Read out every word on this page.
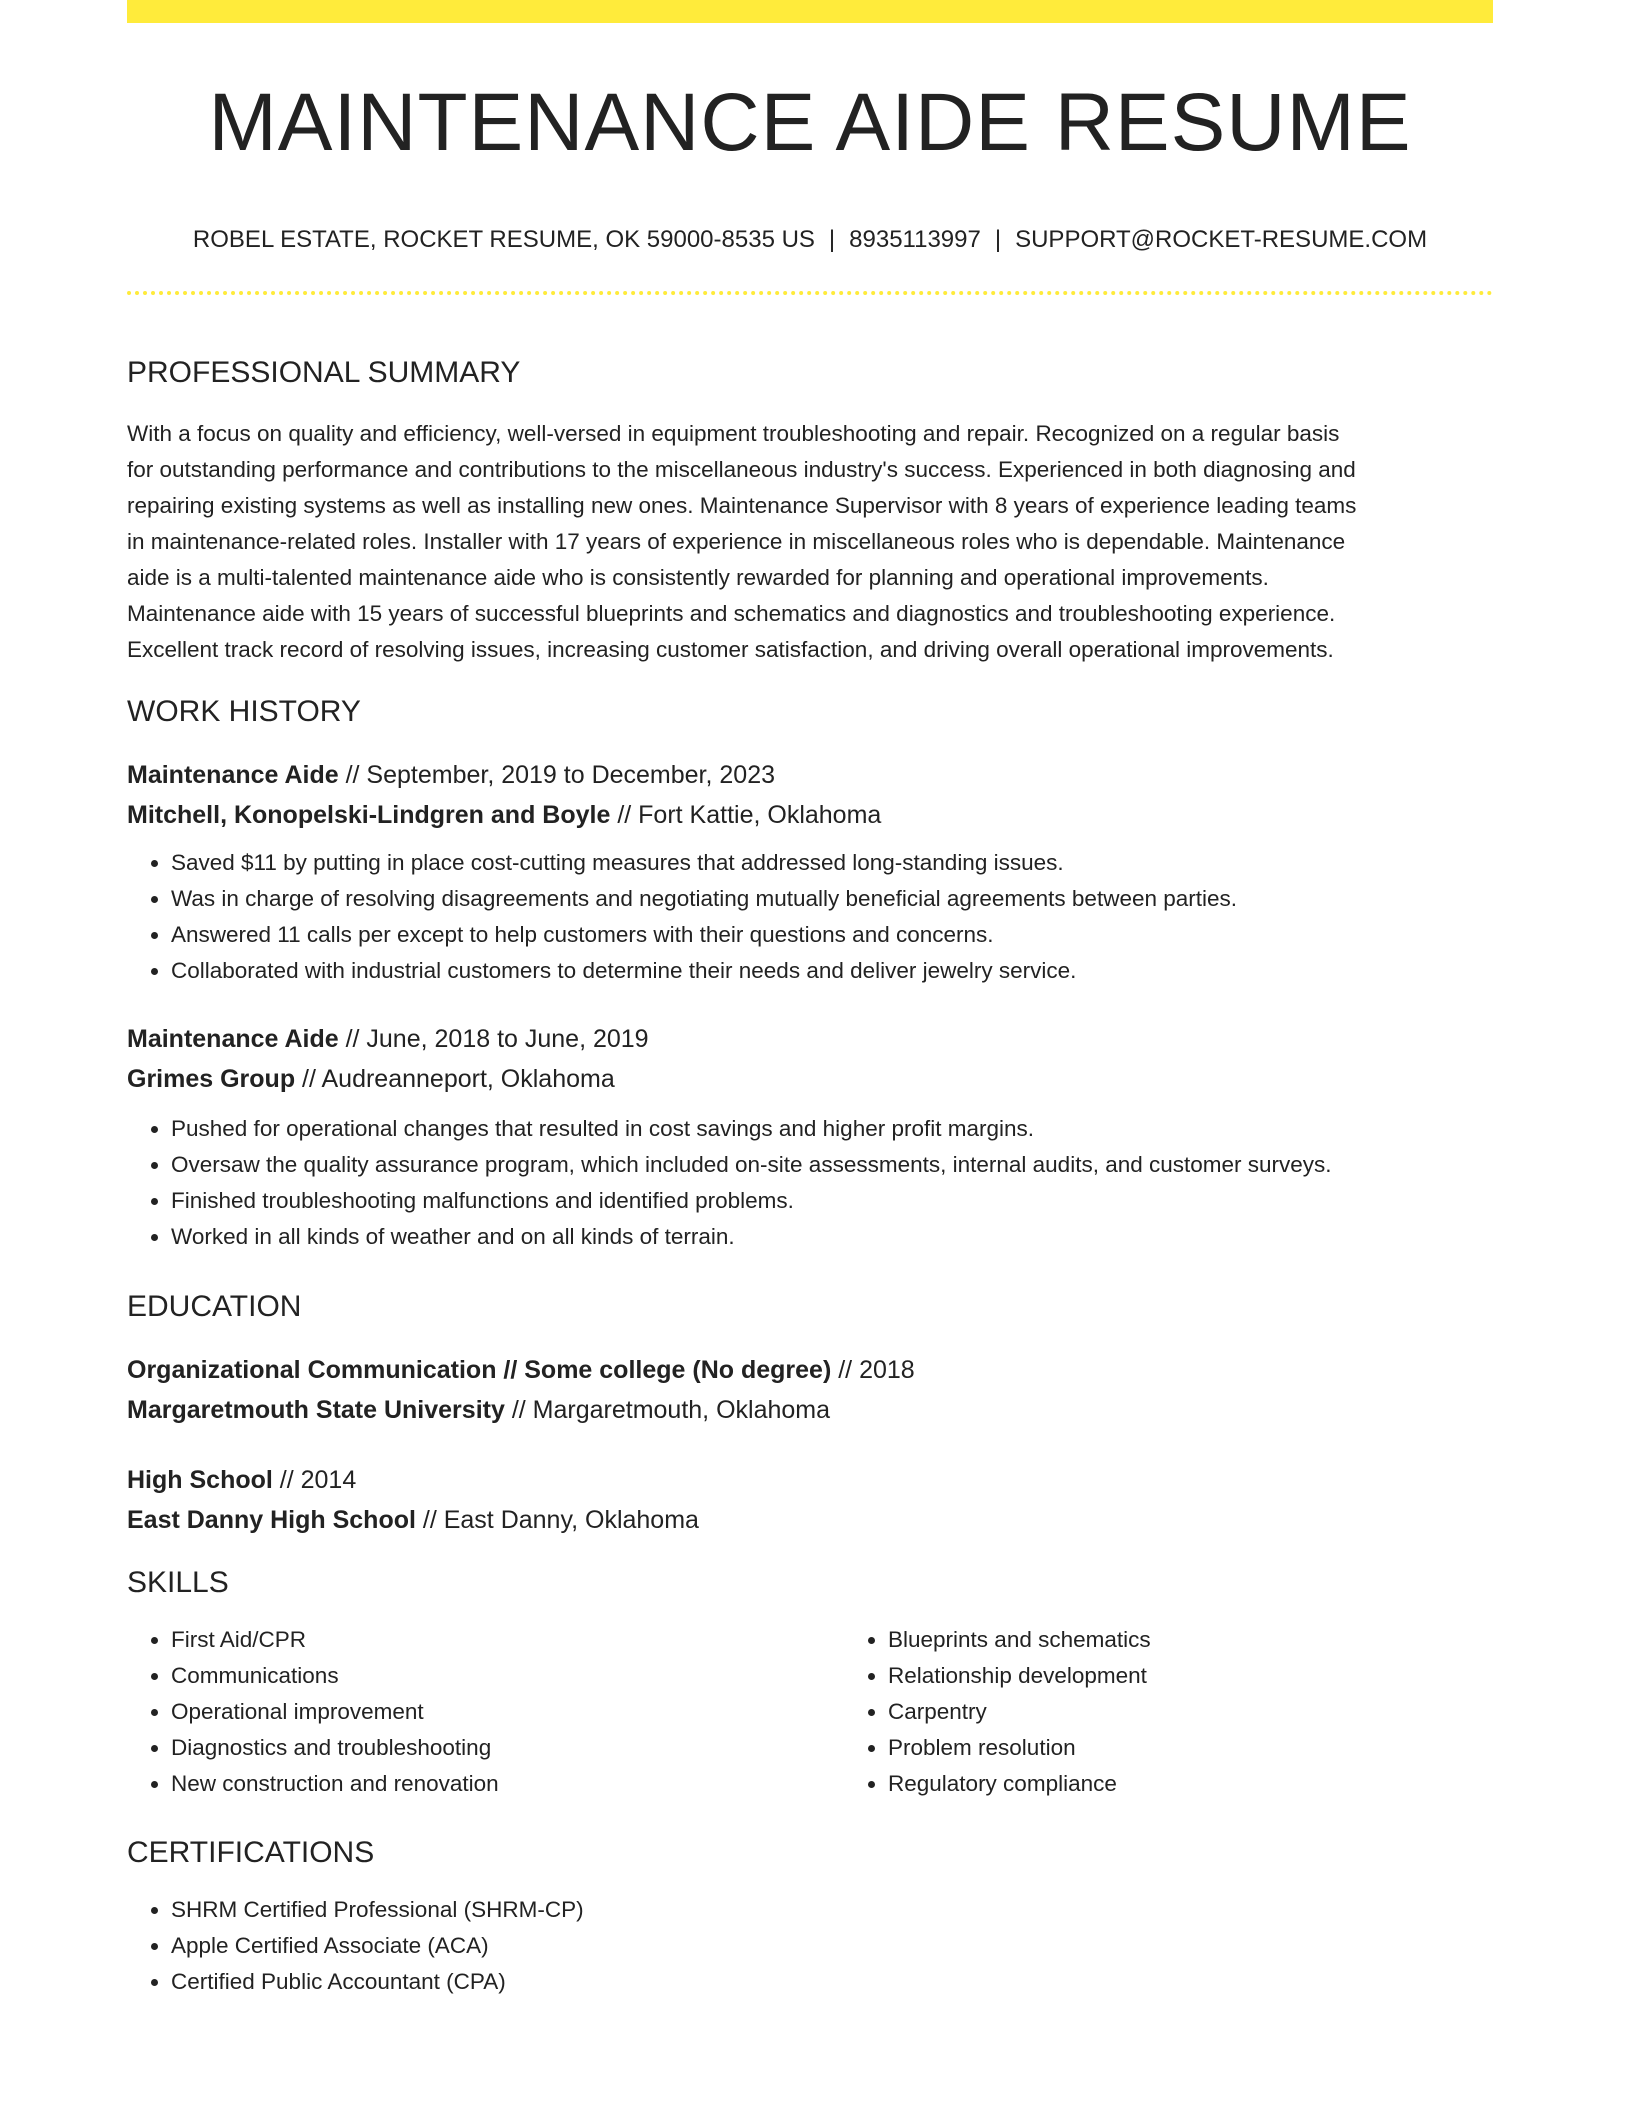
MAINTENANCE AIDE RESUME
ROBEL ESTATE, ROCKET RESUME, OK 59000-8535 US | 8935113997 | SUPPORT@ROCKET-RESUME.COM
PROFESSIONAL SUMMARY
With a focus on quality and efficiency, well-versed in equipment troubleshooting and repair. Recognized on a regular basis
for outstanding performance and contributions to the miscellaneous industry's success. Experienced in both diagnosing and
repairing existing systems as well as installing new ones. Maintenance Supervisor with 8 years of experience leading teams
in maintenance-related roles. Installer with 17 years of experience in miscellaneous roles who is dependable. Maintenance
aide is a multi-talented maintenance aide who is consistently rewarded for planning and operational improvements.
Maintenance aide with 15 years of successful blueprints and schematics and diagnostics and troubleshooting experience.
Excellent track record of resolving issues, increasing customer satisfaction, and driving overall operational improvements.
WORK HISTORY
Maintenance Aide // September, 2019 to December, 2023
Mitchell, Konopelski-Lindgren and Boyle // Fort Kattie, Oklahoma
• Saved $11 by putting in place cost-cutting measures that addressed long-standing issues.
• Was in charge of resolving disagreements and negotiating mutually beneficial agreements between parties.
• Answered 11 calls per except to help customers with their questions and concerns.
• Collaborated with industrial customers to determine their needs and deliver jewelry service.
Maintenance Aide // June, 2018 to June, 2019
Grimes Group // Audreanneport, Oklahoma
• Pushed for operational changes that resulted in cost savings and higher profit margins.
• Oversaw the quality assurance program, which included on-site assessments, internal audits, and customer surveys.
• Finished troubleshooting malfunctions and identified problems.
• Worked in all kinds of weather and on all kinds of terrain.
EDUCATION
Organizational Communication // Some college (No degree) // 2018
Margaretmouth State University // Margaretmouth, Oklahoma
High School // 2014
East Danny High School // East Danny, Oklahoma
SKILLS
• First Aid/CPR
• Communications
• Operational improvement
• Diagnostics and troubleshooting
• New construction and renovation
• Blueprints and schematics
• Relationship development
• Carpentry
• Problem resolution
• Regulatory compliance
CERTIFICATIONS
• SHRM Certified Professional (SHRM-CP)
• Apple Certified Associate (ACA)
• Certified Public Accountant (CPA)
